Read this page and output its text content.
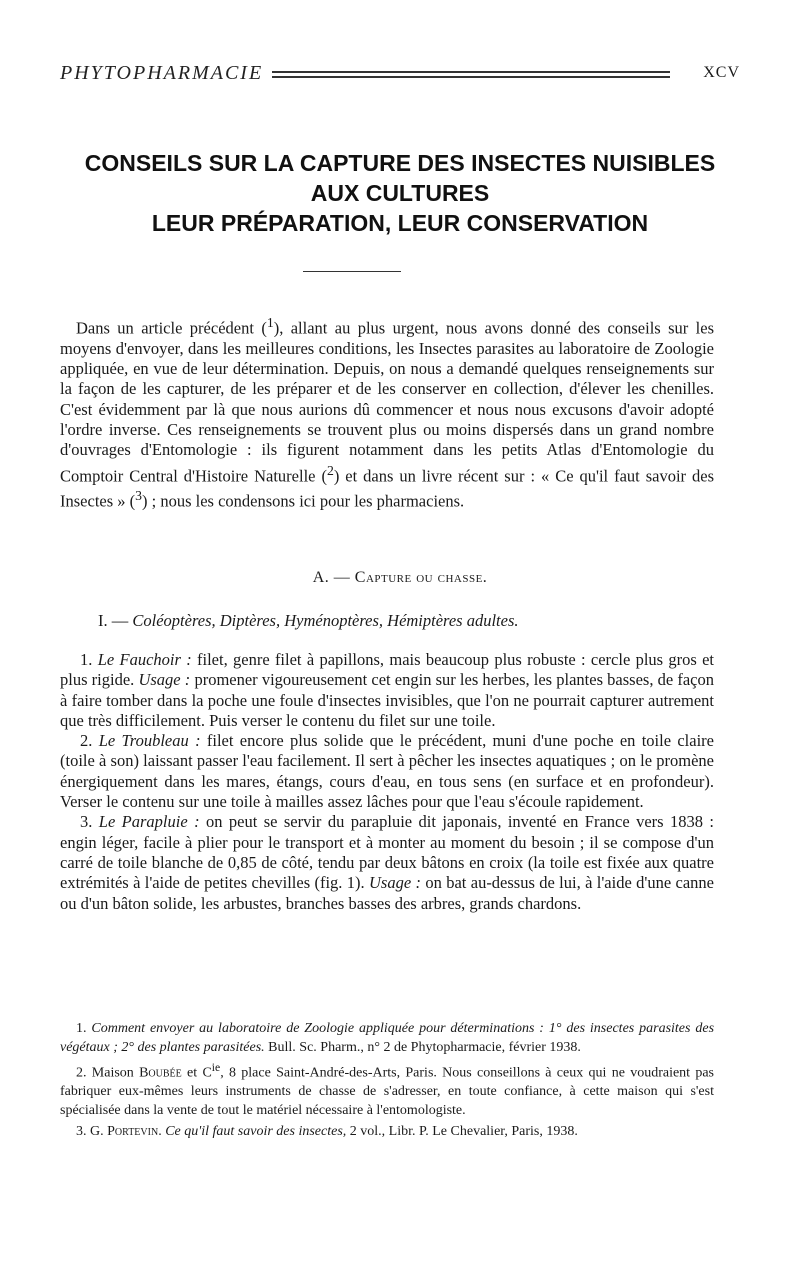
PHYTOPHARMACIE	XCV
CONSEILS SUR LA CAPTURE DES INSECTES NUISIBLES
AUX CULTURES
LEUR PRÉPARATION, LEUR CONSERVATION

Dans un article précédent ($^1$), allant au plus urgent, nous avons donné des conseils sur les moyens d'envoyer, dans les meilleures conditions, les Insectes parasites au laboratoire de Zoologie appliquée, en vue de leur détermination. Depuis, on nous a demandé quelques renseignements sur la façon de les capturer, de les préparer et de les conserver en collection, d'élever les chenilles. C'est évidemment par là que nous aurions dû commencer et nous nous excusons d'avoir adopté l'ordre inverse. Ces renseignements se trouvent plus ou moins dispersés dans un grand nombre d'ouvrages d'Entomologie : ils figurent notamment dans les petits Atlas d'Entomologie du Comptoir Central d'Histoire Naturelle ($^2$) et dans un livre récent sur : « Ce qu'il faut savoir des Insectes » ($^3$) ; nous les condensons ici pour les pharmaciens.

A. — Capture ou chasse.
I. — Coléoptères, Diptères, Hyménoptères, Hémiptères adultes.

1. Le Fauchoir : filet, genre filet à papillons, mais beaucoup plus robuste : cercle plus gros et plus rigide. Usage : promener vigoureusement cet engin sur les herbes, les plantes basses, de façon à faire tomber dans la poche une foule d'insectes invisibles, que l'on ne pourrait capturer autrement que très difficilement. Puis verser le contenu du filet sur une toile.

2. Le Troubleau : filet encore plus solide que le précédent, muni d'une poche en toile claire (toile à son) laissant passer l'eau facilement. Il sert à pêcher les insectes aquatiques ; on le promène énergiquement dans les mares, étangs, cours d'eau, en tous sens (en surface et en profondeur). Verser le contenu sur une toile à mailles assez lâches pour que l'eau s'écoule rapidement.

3. Le Parapluie : on peut se servir du parapluie dit japonais, inventé en France vers 1838 : engin léger, facile à plier pour le transport et à monter au moment du besoin ; il se compose d'un carré de toile blanche de 0,85 de côté, tendu par deux bâtons en croix (la toile est fixée aux quatre extrémités à l'aide de petites chevilles (fig. 1). Usage : on bat au-dessus de lui, à l'aide d'une canne ou d'un bâton solide, les arbustes, branches basses des arbres, grands chardons.

1. Comment envoyer au laboratoire de Zoologie appliquée pour déterminations : 1° des insectes parasites des végétaux ; 2° des plantes parasitées. Bull. Sc. Pharm., n° 2 de Phytopharmacie, février 1938.

2. Maison Boubée et $C^{ie}$, 8 place Saint-André-des-Arts, Paris. Nous conseillons à ceux qui ne voudraient pas fabriquer eux-mêmes leurs instruments de chasse de s'adresser, en toute confiance, à cette maison qui s'est spécialisée dans la vente de tout le matériel nécessaire à l'entomologiste.

3. G. Portevin. Ce qu'il faut savoir des insectes, 2 vol., Libr. P. Le Chevalier, Paris, 1938.
